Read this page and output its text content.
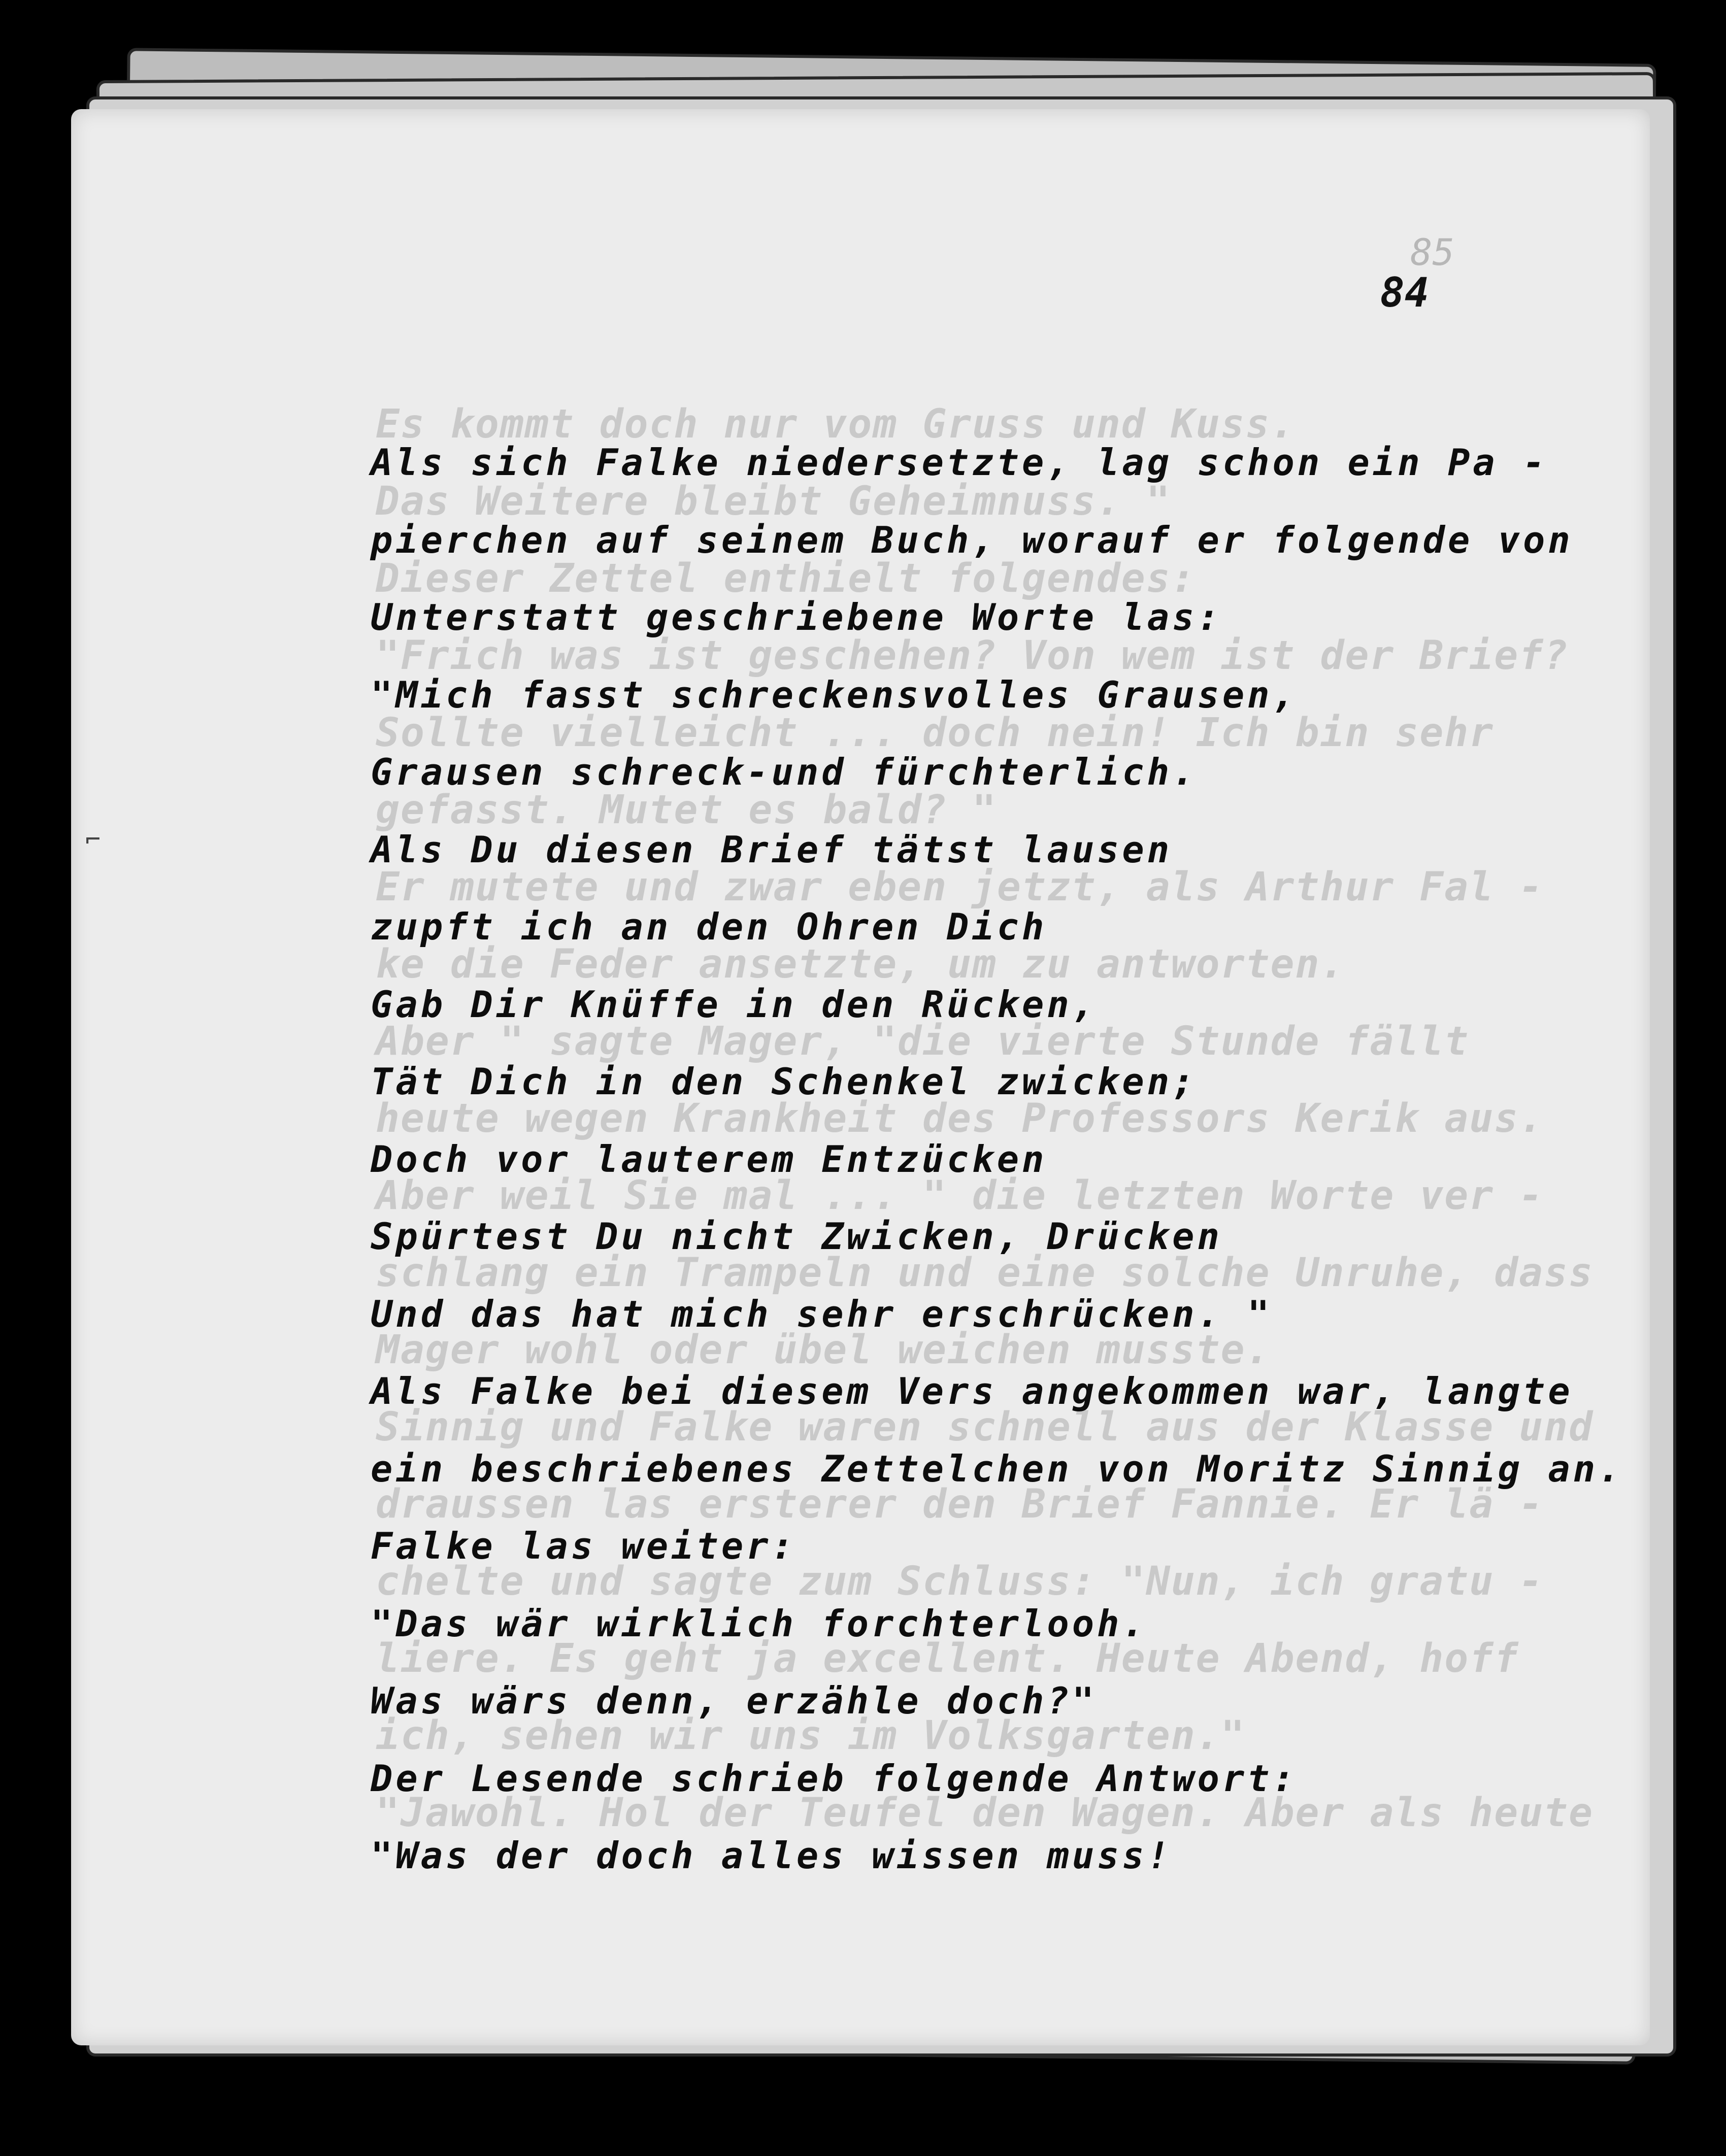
85
84
Es kommt doch nur vom Gruss und Kuss.
Das Weitere bleibt Geheimnuss. "
Dieser Zettel enthielt folgendes:
"Frich was ist geschehen? Von wem ist der Brief?
Sollte vielleicht ... doch nein! Ich bin sehr
gefasst. Mutet es bald? "
Er mutete und zwar eben jetzt, als Arthur Fal -
ke die Feder ansetzte, um zu antworten.
Aber " sagte Mager, "die vierte Stunde fällt
heute wegen Krankheit des Professors Kerik aus.
Aber weil Sie mal ... " die letzten Worte ver -
schlang ein Trampeln und eine solche Unruhe, dass
Mager wohl oder übel weichen musste.
Sinnig und Falke waren schnell aus der Klasse und
draussen las ersterer den Brief Fannie. Er lä -
chelte und sagte zum Schluss: "Nun, ich gratu -
liere. Es geht ja excellent. Heute Abend, hoff
ich, sehen wir uns im Volksgarten."
"Jawohl. Hol der Teufel den Wagen. Aber als heute
⌐
Als sich Falke niedersetzte, lag schon ein Pa -
pierchen auf seinem Buch, worauf er folgende von
Unterstatt geschriebene Worte las:
"Mich fasst schreckensvolles Grausen,
Grausen schreck-und fürchterlich.
Als Du diesen Brief tätst lausen
zupft ich an den Ohren Dich
Gab Dir Knüffe in den Rücken,
Tät Dich in den Schenkel zwicken;
Doch vor lauterem Entzücken
Spürtest Du nicht Zwicken, Drücken
Und das hat mich sehr erschrücken. "
Als Falke bei diesem Vers angekommen war, langte
ein beschriebenes Zettelchen von Moritz Sinnig an.
Falke las weiter:
"Das wär wirklich forchterlooh.
Was wärs denn, erzähle doch?"
Der Lesende schrieb folgende Antwort:
"Was der doch alles wissen muss!
